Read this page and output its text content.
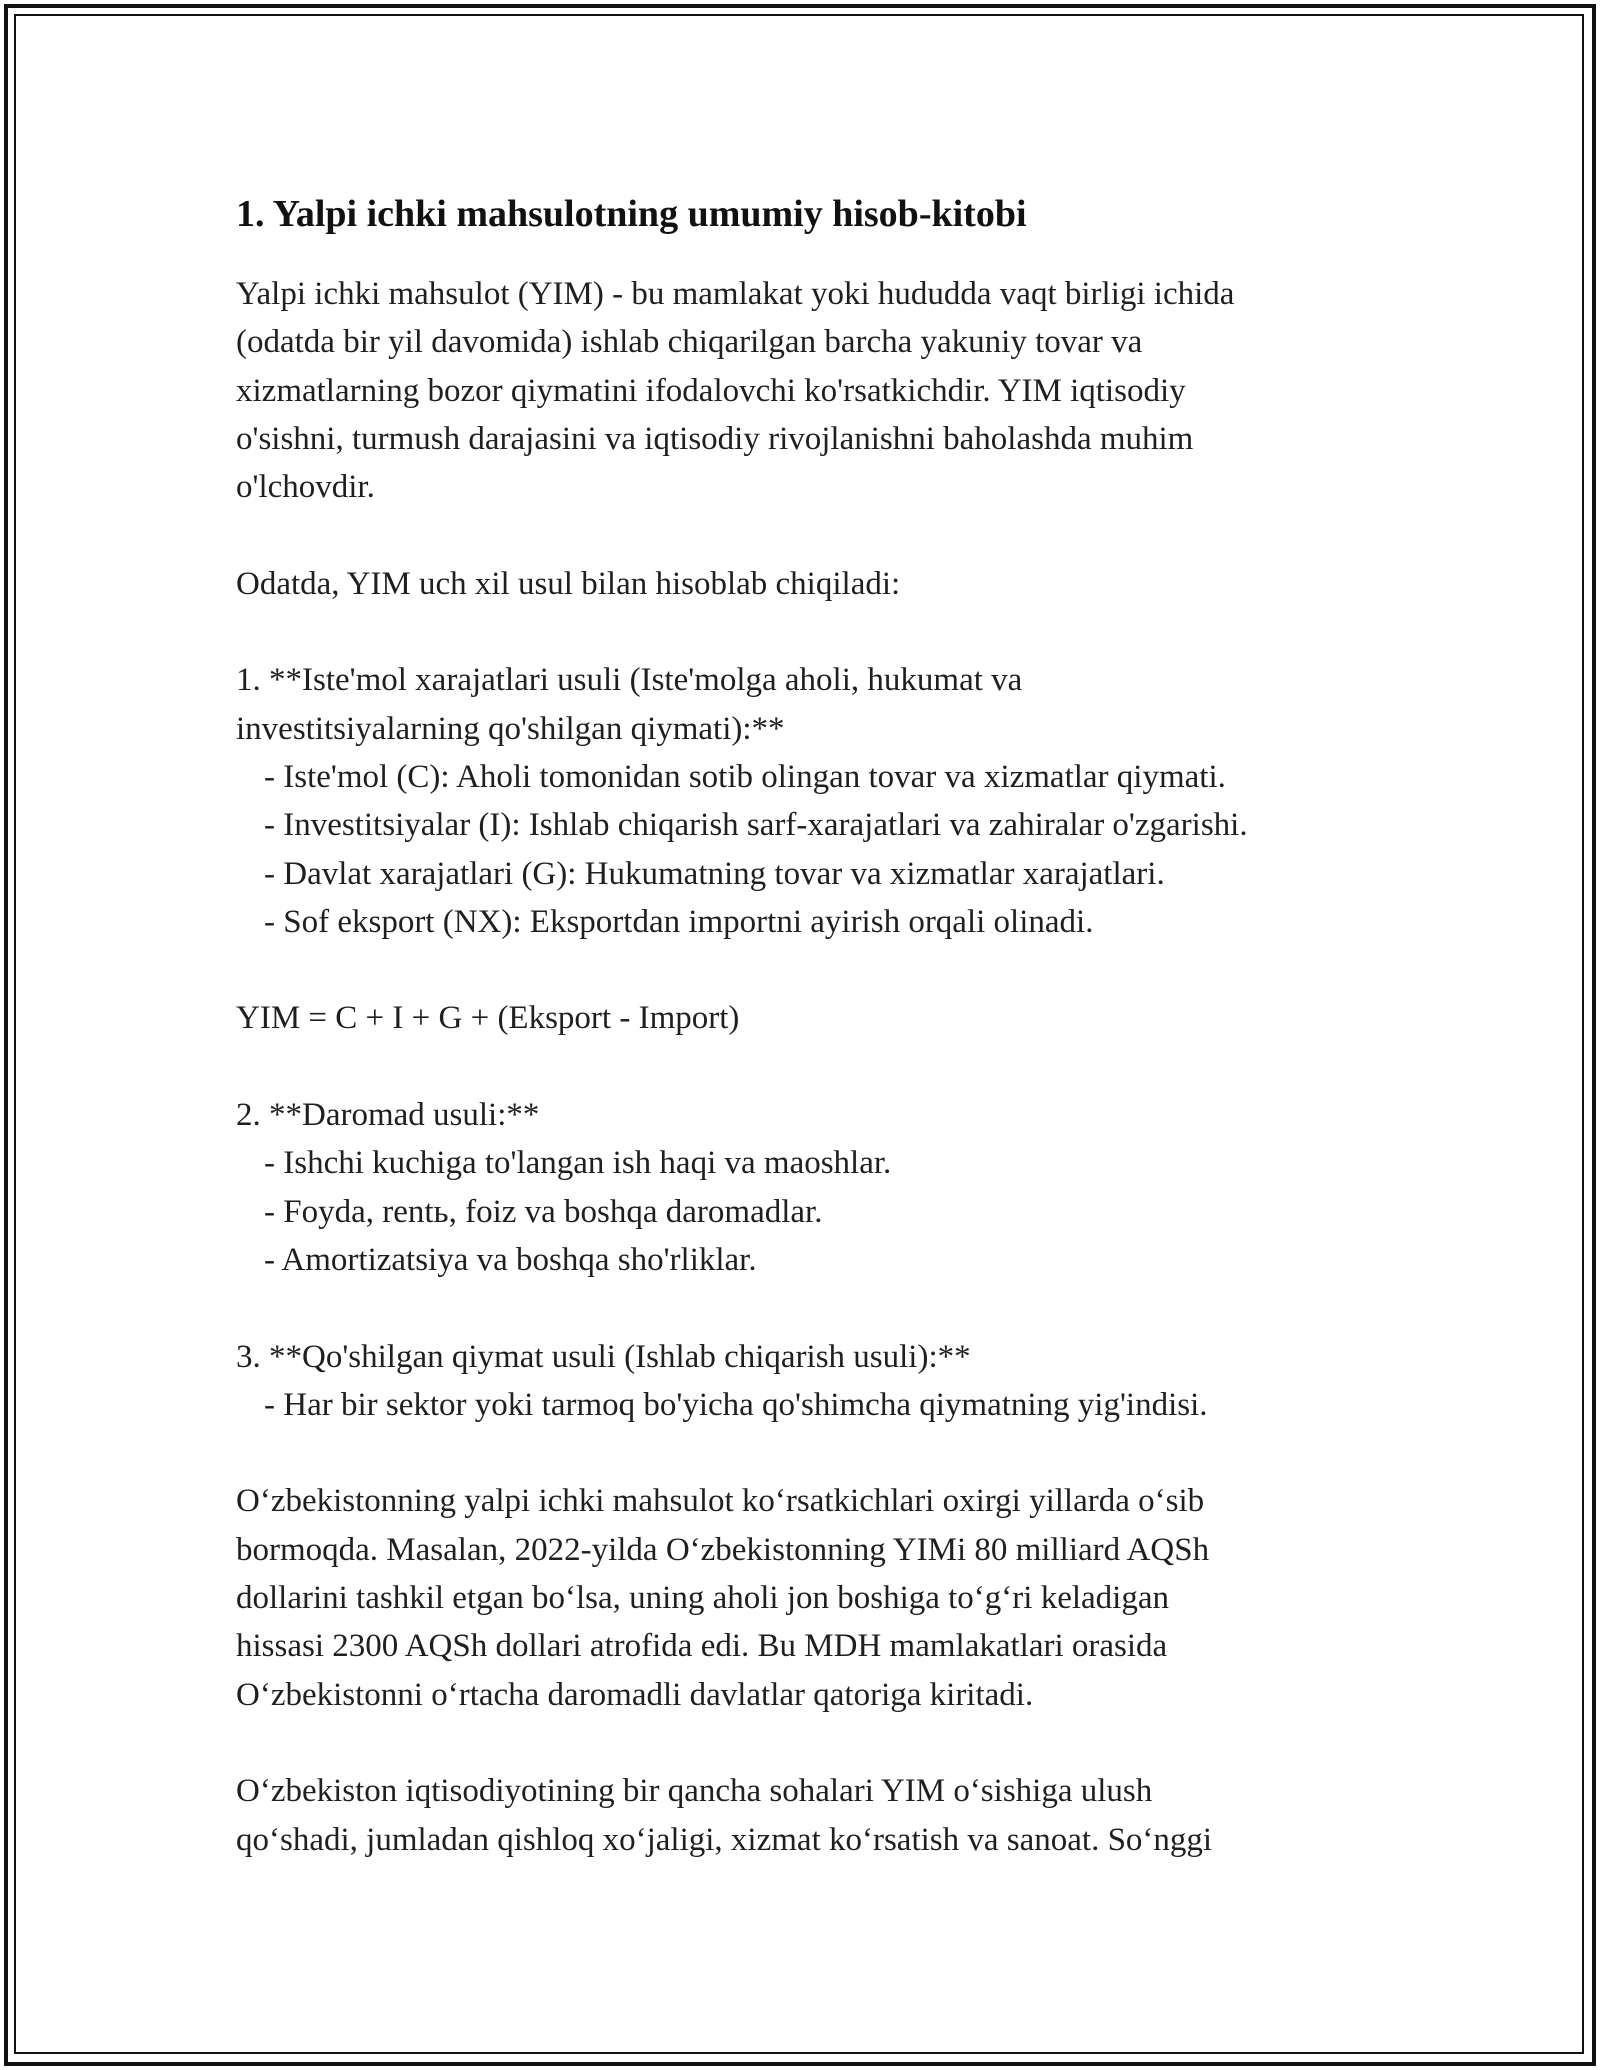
1. Yalpi ichki mahsulotning umumiy hisob-kitobi
Yalpi ichki mahsulot (YIM) - bu mamlakat yoki hududda vaqt birligi ichida
(odatda bir yil davomida) ishlab chiqarilgan barcha yakuniy tovar va
xizmatlarning bozor qiymatini ifodalovchi ko'rsatkichdir. YIM iqtisodiy
o'sishni, turmush darajasini va iqtisodiy rivojlanishni baholashda muhim
o'lchovdir.
Odatda, YIM uch xil usul bilan hisoblab chiqiladi:
1. **Iste'mol xarajatlari usuli (Iste'molga aholi, hukumat va
investitsiyalarning qo'shilgan qiymati):**
- Iste'mol (C): Aholi tomonidan sotib olingan tovar va xizmatlar qiymati.
- Investitsiyalar (I): Ishlab chiqarish sarf-xarajatlari va zahiralar o'zgarishi.
- Davlat xarajatlari (G): Hukumatning tovar va xizmatlar xarajatlari.
- Sof eksport (NX): Eksportdan importni ayirish orqali olinadi.
YIM = C + I + G + (Eksport - Import)
2. **Daromad usuli:**
- Ishchi kuchiga to'langan ish haqi va maoshlar.
- Foyda, rentь, foiz va boshqa daromadlar.
- Amortizatsiya va boshqa sho'rliklar.
3. **Qo'shilgan qiymat usuli (Ishlab chiqarish usuli):**
- Har bir sektor yoki tarmoq bo'yicha qo'shimcha qiymatning yig'indisi.
O‘zbekistonning yalpi ichki mahsulot ko‘rsatkichlari oxirgi yillarda o‘sib
bormoqda. Masalan, 2022-yilda O‘zbekistonning YIMi 80 milliard AQSh
dollarini tashkil etgan bo‘lsa, uning aholi jon boshiga to‘g‘ri keladigan
hissasi 2300 AQSh dollari atrofida edi. Bu MDH mamlakatlari orasida
O‘zbekistonni o‘rtacha daromadli davlatlar qatoriga kiritadi.
O‘zbekiston iqtisodiyotining bir qancha sohalari YIM o‘sishiga ulush
qo‘shadi, jumladan qishloq xo‘jaligi, xizmat ko‘rsatish va sanoat. So‘nggi
